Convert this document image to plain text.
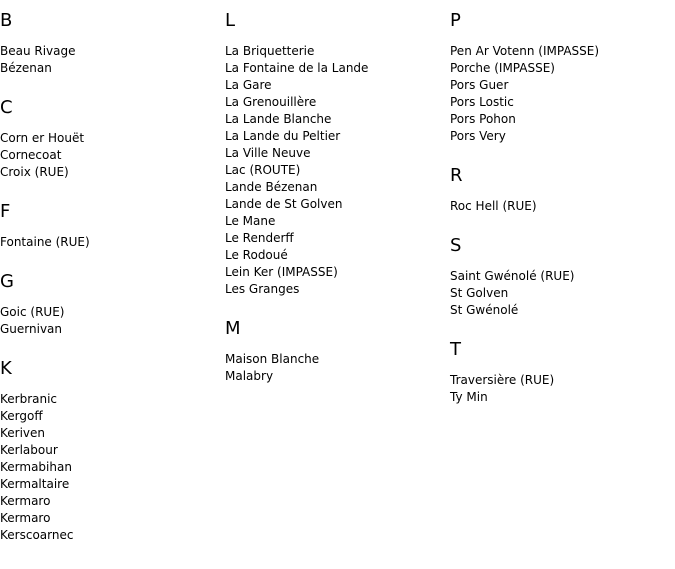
B
Beau Rivage
Bézenan
C
Corn er Houët
Cornecoat
Croix (RUE)
F
Fontaine (RUE)
G
Goic (RUE)
Guernivan
K
Kerbranic
Kergoff
Keriven
Kerlabour
Kermabihan
Kermaltaire
Kermaro
Kermaro
Kerscoarnec
L
La Briquetterie
La Fontaine de la Lande
La Gare
La Grenouillère
La Lande Blanche
La Lande du Peltier
La Ville Neuve
Lac (ROUTE)
Lande Bézenan
Lande de St Golven
Le Mane
Le Renderff
Le Rodoué
Lein Ker (IMPASSE)
Les Granges
M
Maison Blanche
Malabry
P
Pen Ar Votenn (IMPASSE)
Porche (IMPASSE)
Pors Guer
Pors Lostic
Pors Pohon
Pors Very
R
Roc Hell (RUE)
S
Saint Gwénolé (RUE)
St Golven
St Gwénolé
T
Traversière (RUE)
Ty Min
